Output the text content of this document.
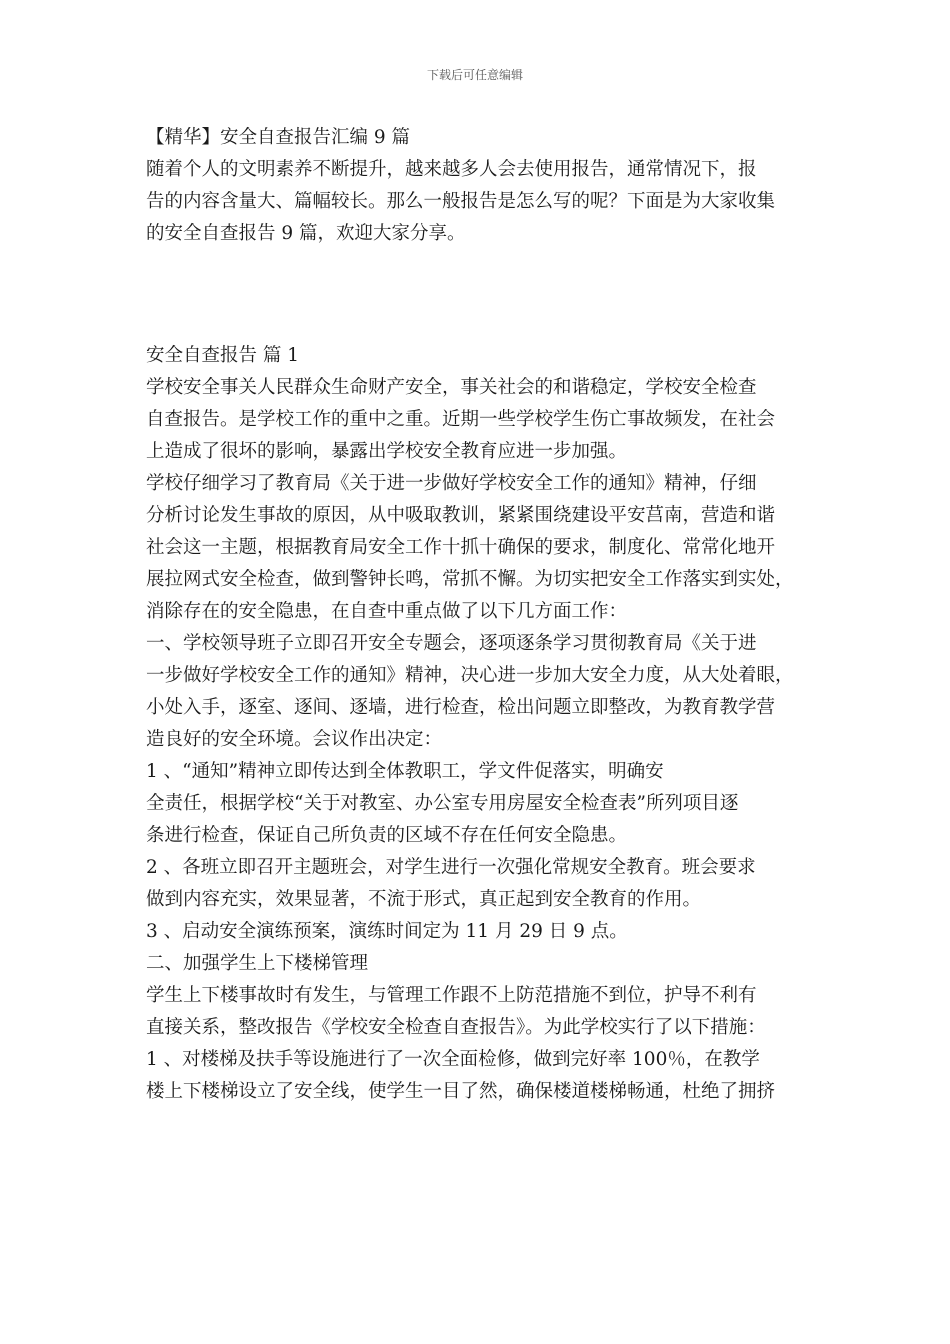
下载后可任意编辑
【精华】安全自查报告汇编 9 篇
随着个人的文明素养不断提升，越来越多人会去使用报告，通常情况下，报
告的内容含量大、篇幅较长。那么一般报告是怎么写的呢？下面是为大家收集
的安全自查报告 9 篇，欢迎大家分享。
安全自查报告 篇 1
学校安全事关人民群众生命财产安全，事关社会的和谐稳定，学校安全检查
自查报告。是学校工作的重中之重。近期一些学校学生伤亡事故频发，在社会
上造成了很坏的影响，暴露出学校安全教育应进一步加强。
学校仔细学习了教育局《关于进一步做好学校安全工作的通知》精神，仔细
分析讨论发生事故的原因，从中吸取教训，紧紧围绕建设平安莒南，营造和谐
社会这一主题，根据教育局安全工作十抓十确保的要求，制度化、常常化地开
展拉网式安全检查，做到警钟长鸣，常抓不懈。为切实把安全工作落实到实处，
消除存在的安全隐患，在自查中重点做了以下几方面工作：
一、学校领导班子立即召开安全专题会，逐项逐条学习贯彻教育局《关于进
一步做好学校安全工作的通知》精神，决心进一步加大安全力度，从大处着眼，
小处入手，逐室、逐间、逐墙，进行检查，检出问题立即整改，为教育教学营
造良好的安全环境。会议作出决定：
1 、“通知”精神立即传达到全体教职工，学文件促落实，明确安
全责任，根据学校“关于对教室、办公室专用房屋安全检查表”所列项目逐
条进行检查，保证自己所负责的区域不存在任何安全隐患。
2 、各班立即召开主题班会，对学生进行一次强化常规安全教育。班会要求
做到内容充实，效果显著，不流于形式，真正起到安全教育的作用。
3 、启动安全演练预案，演练时间定为 11 月 29 日 9 点。
二、加强学生上下楼梯管理
学生上下楼事故时有发生，与管理工作跟不上防范措施不到位，护导不利有
直接关系，整改报告《学校安全检查自查报告》。为此学校实行了以下措施：
1 、对楼梯及扶手等设施进行了一次全面检修，做到完好率 100％，在教学
楼上下楼梯设立了安全线，使学生一目了然，确保楼道楼梯畅通，杜绝了拥挤
